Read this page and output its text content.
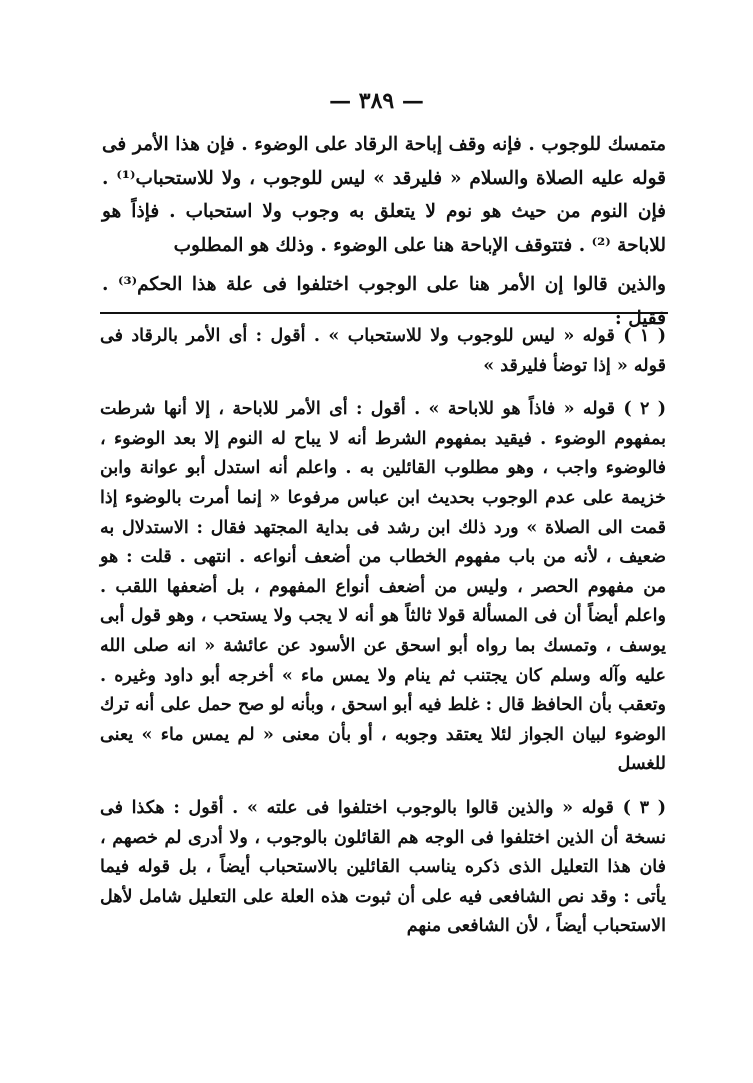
— ٣٨٩ —

متمسك للوجوب . فإنه وقف إباحة الرقاد على الوضوء . فإن هذا الأمر فى قوله عليه الصلاة والسلام « فليرقد » ليس للوجوب ، ولا للاستحباب⁽¹⁾ . فإن النوم من حيث هو نوم لا يتعلق به وجوب ولا استحباب . فإذاً هو للاباحة ⁽²⁾ . فتتوقف الإباحة هنا على الوضوء . وذلك هو المطلوب

والذين قالوا إن الأمر هنا على الوجوب اختلفوا فى علة هذا الحكم⁽³⁾ . فقيل :

( ١ ) قوله « ليس للوجوب ولا للاستحباب » . أقول : أى الأمر بالرقاد فى قوله « إذا توضأ فليرقد »

( ٢ ) قوله « فاذاً هو للاباحة » . أقول : أى الأمر للاباحة ، إلا أنها شرطت بمفهوم الوضوء . فيقيد بمفهوم الشرط أنه لا يباح له النوم إلا بعد الوضوء ، فالوضوء واجب ، وهو مطلوب القائلين به . واعلم أنه استدل أبو عوانة وابن خزيمة على عدم الوجوب بحديث ابن عباس مرفوعا « إنما أمرت بالوضوء إذا قمت الى الصلاة » ورد ذلك ابن رشد فى بداية المجتهد فقال : الاستدلال به ضعيف ، لأنه من باب مفهوم الخطاب من أضعف أنواعه . انتهى . قلت : هو من مفهوم الحصر ، وليس من أضعف أنواع المفهوم ، بل أضعفها اللقب . واعلم أيضاً أن فى المسألة قولا ثالثاً هو أنه لا يجب ولا يستحب ، وهو قول أبى يوسف ، وتمسك بما رواه أبو اسحق عن الأسود عن عائشة « انه صلى الله عليه وآله وسلم كان يجتنب ثم ينام ولا يمس ماء » أخرجه أبو داود وغيره . وتعقب بأن الحافظ قال : غلط فيه أبو اسحق ، وبأنه لو صح حمل على أنه ترك الوضوء لبيان الجواز لئلا يعتقد وجوبه ، أو بأن معنى « لم يمس ماء » يعنى للغسل

( ٣ ) قوله « والذين قالوا بالوجوب اختلفوا فى علته » . أقول : هكذا فى نسخة أن الذين اختلفوا فى الوجه هم القائلون بالوجوب ، ولا أدرى لم خصهم ، فان هذا التعليل الذى ذكره يناسب القائلين بالاستحباب أيضاً ، بل قوله فيما يأتى : وقد نص الشافعى فيه على أن ثبوت هذه العلة على التعليل شامل لأهل الاستحباب أيضاً ، لأن الشافعى منهم
